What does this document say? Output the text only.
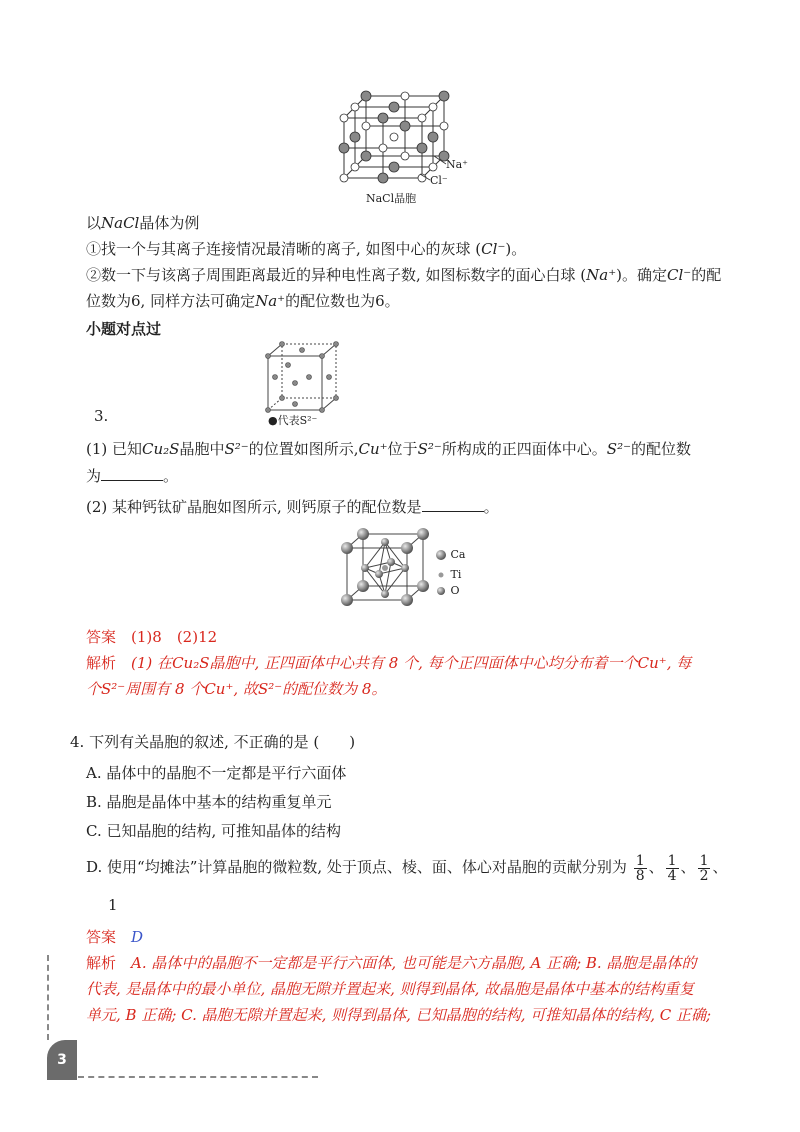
Na⁺
Cl⁻
NaCl晶胞
以NaCl晶体为例
①找一个与其离子连接情况最清晰的离子, 如图中心的灰球 (Cl⁻)。
②数一下与该离子周围距离最近的异种电性离子数, 如图标数字的面心白球 (Na⁺)。确定Cl⁻的配
位数为6, 同样方法可确定Na⁺的配位数也为6。
小题对点过
●代表S²⁻
3.
(1) 已知Cu₂S晶胞中S²⁻的位置如图所示,Cu⁺位于S²⁻所构成的正四面体中心。S²⁻的配位数
为	。
(2) 某种钙钛矿晶胞如图所示, 则钙原子的配位数是	。
Ca
Ti
O
答案　 (1)8　(2)12
解析　 (1) 在Cu₂S晶胞中, 正四面体中心共有 8 个, 每个正四面体中心均分布着一个Cu⁺, 每
个S²⁻周围有 8 个Cu⁺, 故S²⁻的配位数为 8。
4. 下列有关晶胞的叙述, 不正确的是 (　　)
A. 晶体中的晶胞不一定都是平行六面体
B. 晶胞是晶体中基本的结构重复单元
C. 已知晶胞的结构, 可推知晶体的结构
D. 使用“均摊法”计算晶胞的微粒数, 处于顶点、棱、面、体心对晶胞的贡献分别为 $\frac{1}{8}$ 、 $\frac{1}{4}$ 、 $\frac{1}{2}$ 、
1
答案　 D
解析　 A. 晶体中的晶胞不一定都是平行六面体, 也可能是六方晶胞, A 正确; B. 晶胞是晶体的
代表, 是晶体中的最小单位, 晶胞无隙并置起来, 则得到晶体, 故晶胞是晶体中基本的结构重复
单元, B 正确; C. 晶胞无隙并置起来, 则得到晶体, 已知晶胞的结构, 可推知晶体的结构, C 正确;
3
